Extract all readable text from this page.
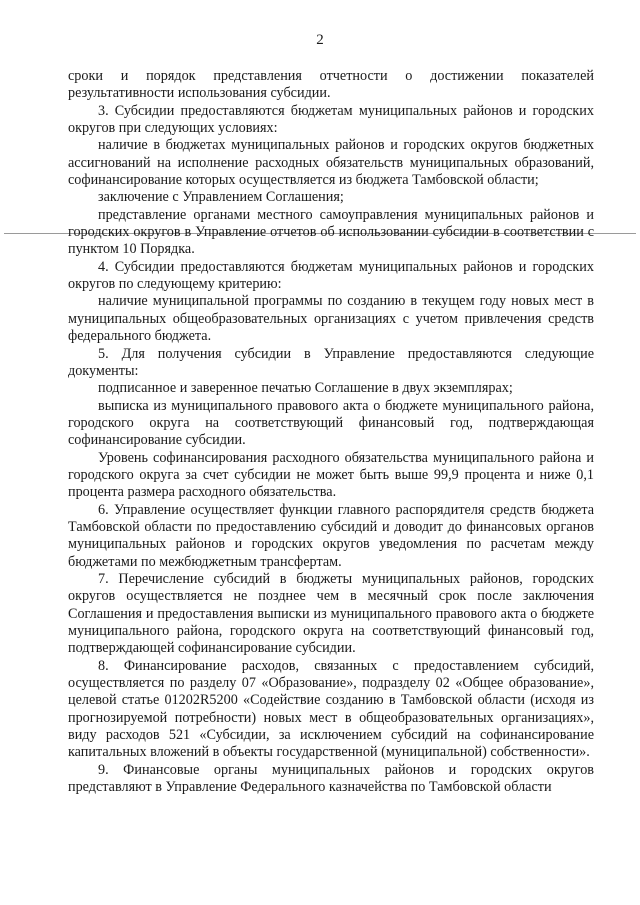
2

сроки и порядок представления отчетности о достижении показателей результативности использования субсидии.

3. Субсидии предоставляются бюджетам муниципальных районов и городских округов при следующих условиях:

наличие в бюджетах муниципальных районов и городских округов бюджетных ассигнований на исполнение расходных обязательств муниципальных образований, софинансирование которых осуществляется из бюджета Тамбовской области;

заключение с Управлением Соглашения;

представление органами местного самоуправления муниципальных районов и городских округов в Управление отчетов об использовании субсидии в соответствии с пунктом 10 Порядка.

4. Субсидии предоставляются бюджетам муниципальных районов и городских округов по следующему критерию:

наличие муниципальной программы по созданию в текущем году новых мест в муниципальных общеобразовательных организациях с учетом привлечения средств федерального бюджета.

5. Для получения субсидии в Управление предоставляются следующие документы:

подписанное и заверенное печатью Соглашение в двух экземплярах;

выписка из муниципального правового акта о бюджете муниципального района, городского округа на соответствующий финансовый год, подтверждающая софинансирование субсидии.

Уровень софинансирования расходного обязательства муниципального района и городского округа за счет субсидии не может быть выше 99,9 процента и ниже 0,1 процента размера расходного обязательства.

6. Управление осуществляет функции главного распорядителя средств бюджета Тамбовской области по предоставлению субсидий и доводит до финансовых органов муниципальных районов и городских округов уведомления по расчетам между бюджетами по межбюджетным трансфертам.

7. Перечисление субсидий в бюджеты муниципальных районов, городских округов осуществляется не позднее чем в месячный срок после заключения Соглашения и предоставления выписки из муниципального правового акта о бюджете муниципального района, городского округа на соответствующий финансовый год, подтверждающей софинансирование субсидии.

8. Финансирование расходов, связанных с предоставлением субсидий, осуществляется по разделу 07 «Образование», подразделу 02 «Общее образование», целевой статье 01202R5200 «Содействие созданию в Тамбовской области (исходя из прогнозируемой потребности) новых мест в общеобразовательных организациях», виду расходов 521 «Субсидии, за исключением субсидий на софинансирование капитальных вложений в объекты государственной (муниципальной) собственности».

9. Финансовые органы муниципальных районов и городских округов представляют в Управление Федерального казначейства по Тамбовской области
